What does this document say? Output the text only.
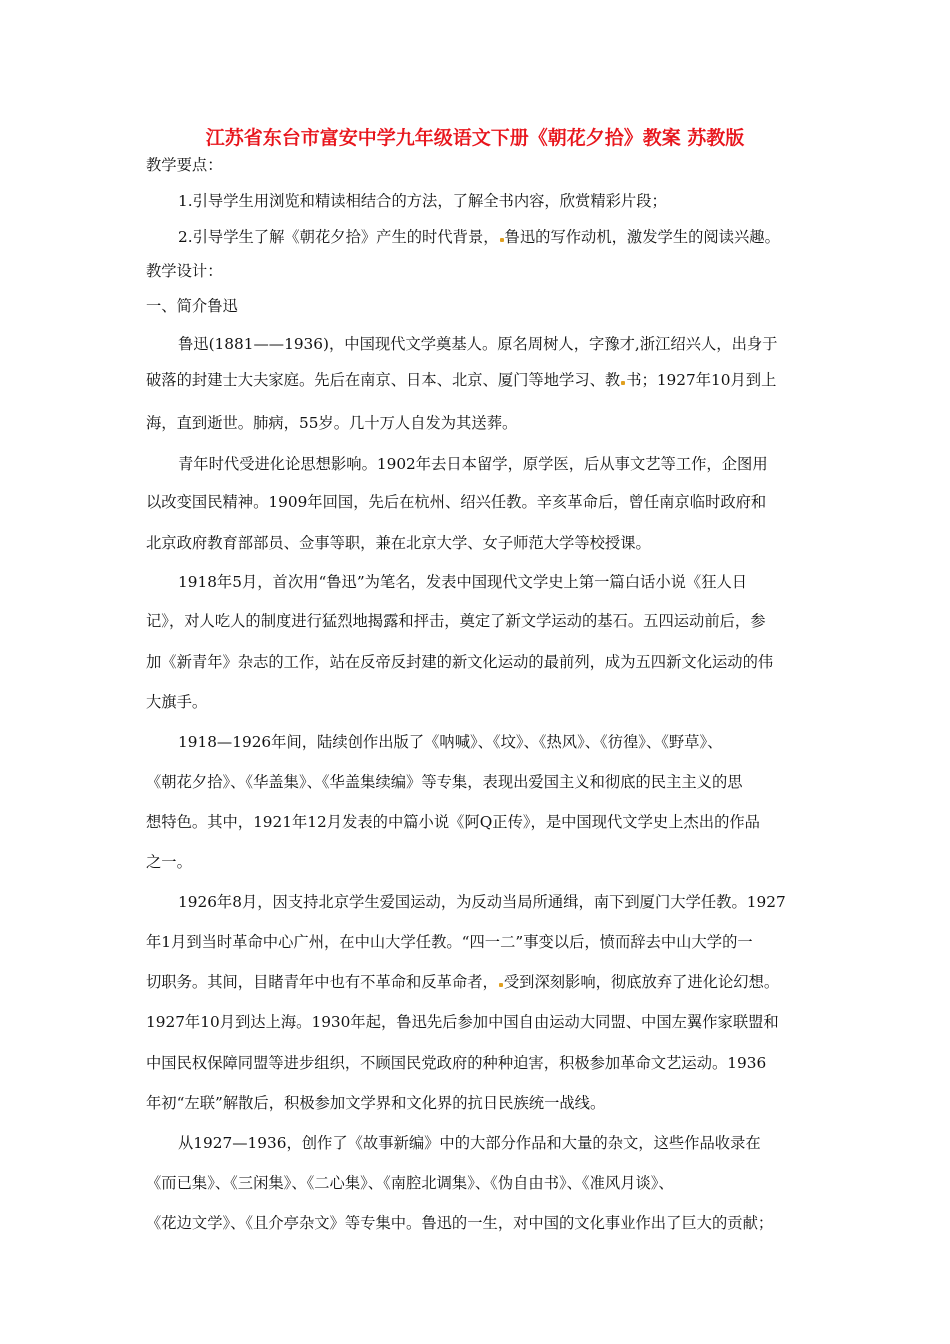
江苏省东台市富安中学九年级语文下册《朝花夕拾》教案 苏教版
教学要点：
1.引导学生用浏览和精读相结合的方法，了解全书内容，欣赏精彩片段；
2.引导学生了解《朝花夕拾》产生的时代背景， 鲁迅的写作动机，激发学生的阅读兴趣。
教学设计：
一、简介鲁迅
鲁迅(1881——1936)，中国现代文学奠基人。原名周树人，字豫才,浙江绍兴人，出身于
破落的封建士大夫家庭。先后在南京、日本、北京、厦门等地学习、教 书；1927年10月到上
海，直到逝世。肺病，55岁。几十万人自发为其送葬。
青年时代受进化论思想影响。1902年去日本留学，原学医，后从事文艺等工作，企图用
以改变国民精神。1909年回国，先后在杭州、绍兴任教。辛亥革命后，曾任南京临时政府和
北京政府教育部部员、佥事等职，兼在北京大学、女子师范大学等校授课。
1918年5月，首次用“鲁迅”为笔名，发表中国现代文学史上第一篇白话小说《狂人日
记》，对人吃人的制度进行猛烈地揭露和抨击，奠定了新文学运动的基石。五四运动前后，参
加《新青年》杂志的工作，站在反帝反封建的新文化运动的最前列，成为五四新文化运动的伟
大旗手。
1918—1926年间，陆续创作出版了《呐喊》、《坟》、《热风》、《彷徨》、《野草》、
《朝花夕拾》、《华盖集》、《华盖集续编》等专集，表现出爱国主义和彻底的民主主义的思
想特色。其中，1921年12月发表的中篇小说《阿Q正传》，是中国现代文学史上杰出的作品
之一。
1926年8月，因支持北京学生爱国运动，为反动当局所通缉，南下到厦门大学任教。1927
年1月到当时革命中心广州，在中山大学任教。“四一二”事变以后，愤而辞去中山大学的一
切职务。其间，目睹青年中也有不革命和反革命者， 受到深刻影响，彻底放弃了进化论幻想。
1927年10月到达上海。1930年起，鲁迅先后参加中国自由运动大同盟、中国左翼作家联盟和
中国民权保障同盟等进步组织，不顾国民党政府的种种迫害，积极参加革命文艺运动。1936
年初“左联”解散后，积极参加文学界和文化界的抗日民族统一战线。
从1927—1936，创作了《故事新编》中的大部分作品和大量的杂文，这些作品收录在
《而已集》、《三闲集》、《二心集》、《南腔北调集》、《伪自由书》、《准风月谈》、
《花边文学》、《且介亭杂文》等专集中。鲁迅的一生，对中国的文化事业作出了巨大的贡献；
